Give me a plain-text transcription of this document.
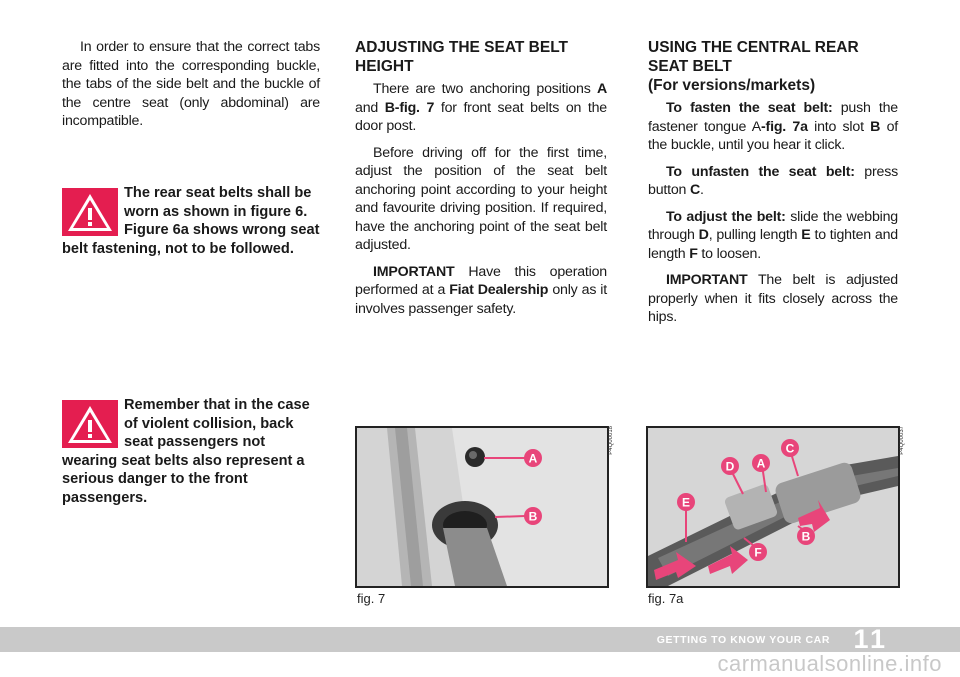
In order to ensure that the correct tabs are fitted into the corresponding buckle, the tabs of the side belt and the buckle of the centre seat (only abdominal) are incompatible.

The rear seat belts shall be worn as shown in figure 6. Figure 6a shows wrong seat belt fastening, not to be followed.
Remember that in the case of violent collision, back seat passengers not wearing seat belts also represent a serious danger to the front passengers.
ADJUSTING THE SEAT BELT HEIGHT

There are two anchoring positions A and B-fig. 7 for front seat belts on the door post.

Before driving off for the first time, adjust the position of the seat belt anchoring point according to your height and favourite driving position. If required, have the anchoring point of the seat belt adjusted.

IMPORTANT Have this operation performed at a Fiat Dealership only as it involves passenger safety.

USING THE CENTRAL REAR SEAT BELT
(For versions/markets)

To fasten the seat belt: push the fastener tongue A-fig. 7a into slot B of the buckle, until you hear it click.

To unfasten the seat belt: press button C.

To adjust the belt: slide the webbing through D, pulling length E to tighten and length F to loosen.

IMPORTANT The belt is adjusted properly when it fits closely across the hips.

A
B
P4Q00018
fig. 7
D A
C
E
B
F
P4Q00037
fig. 7a
GETTING TO KNOW YOUR CAR 11
carmanualsonline.info
